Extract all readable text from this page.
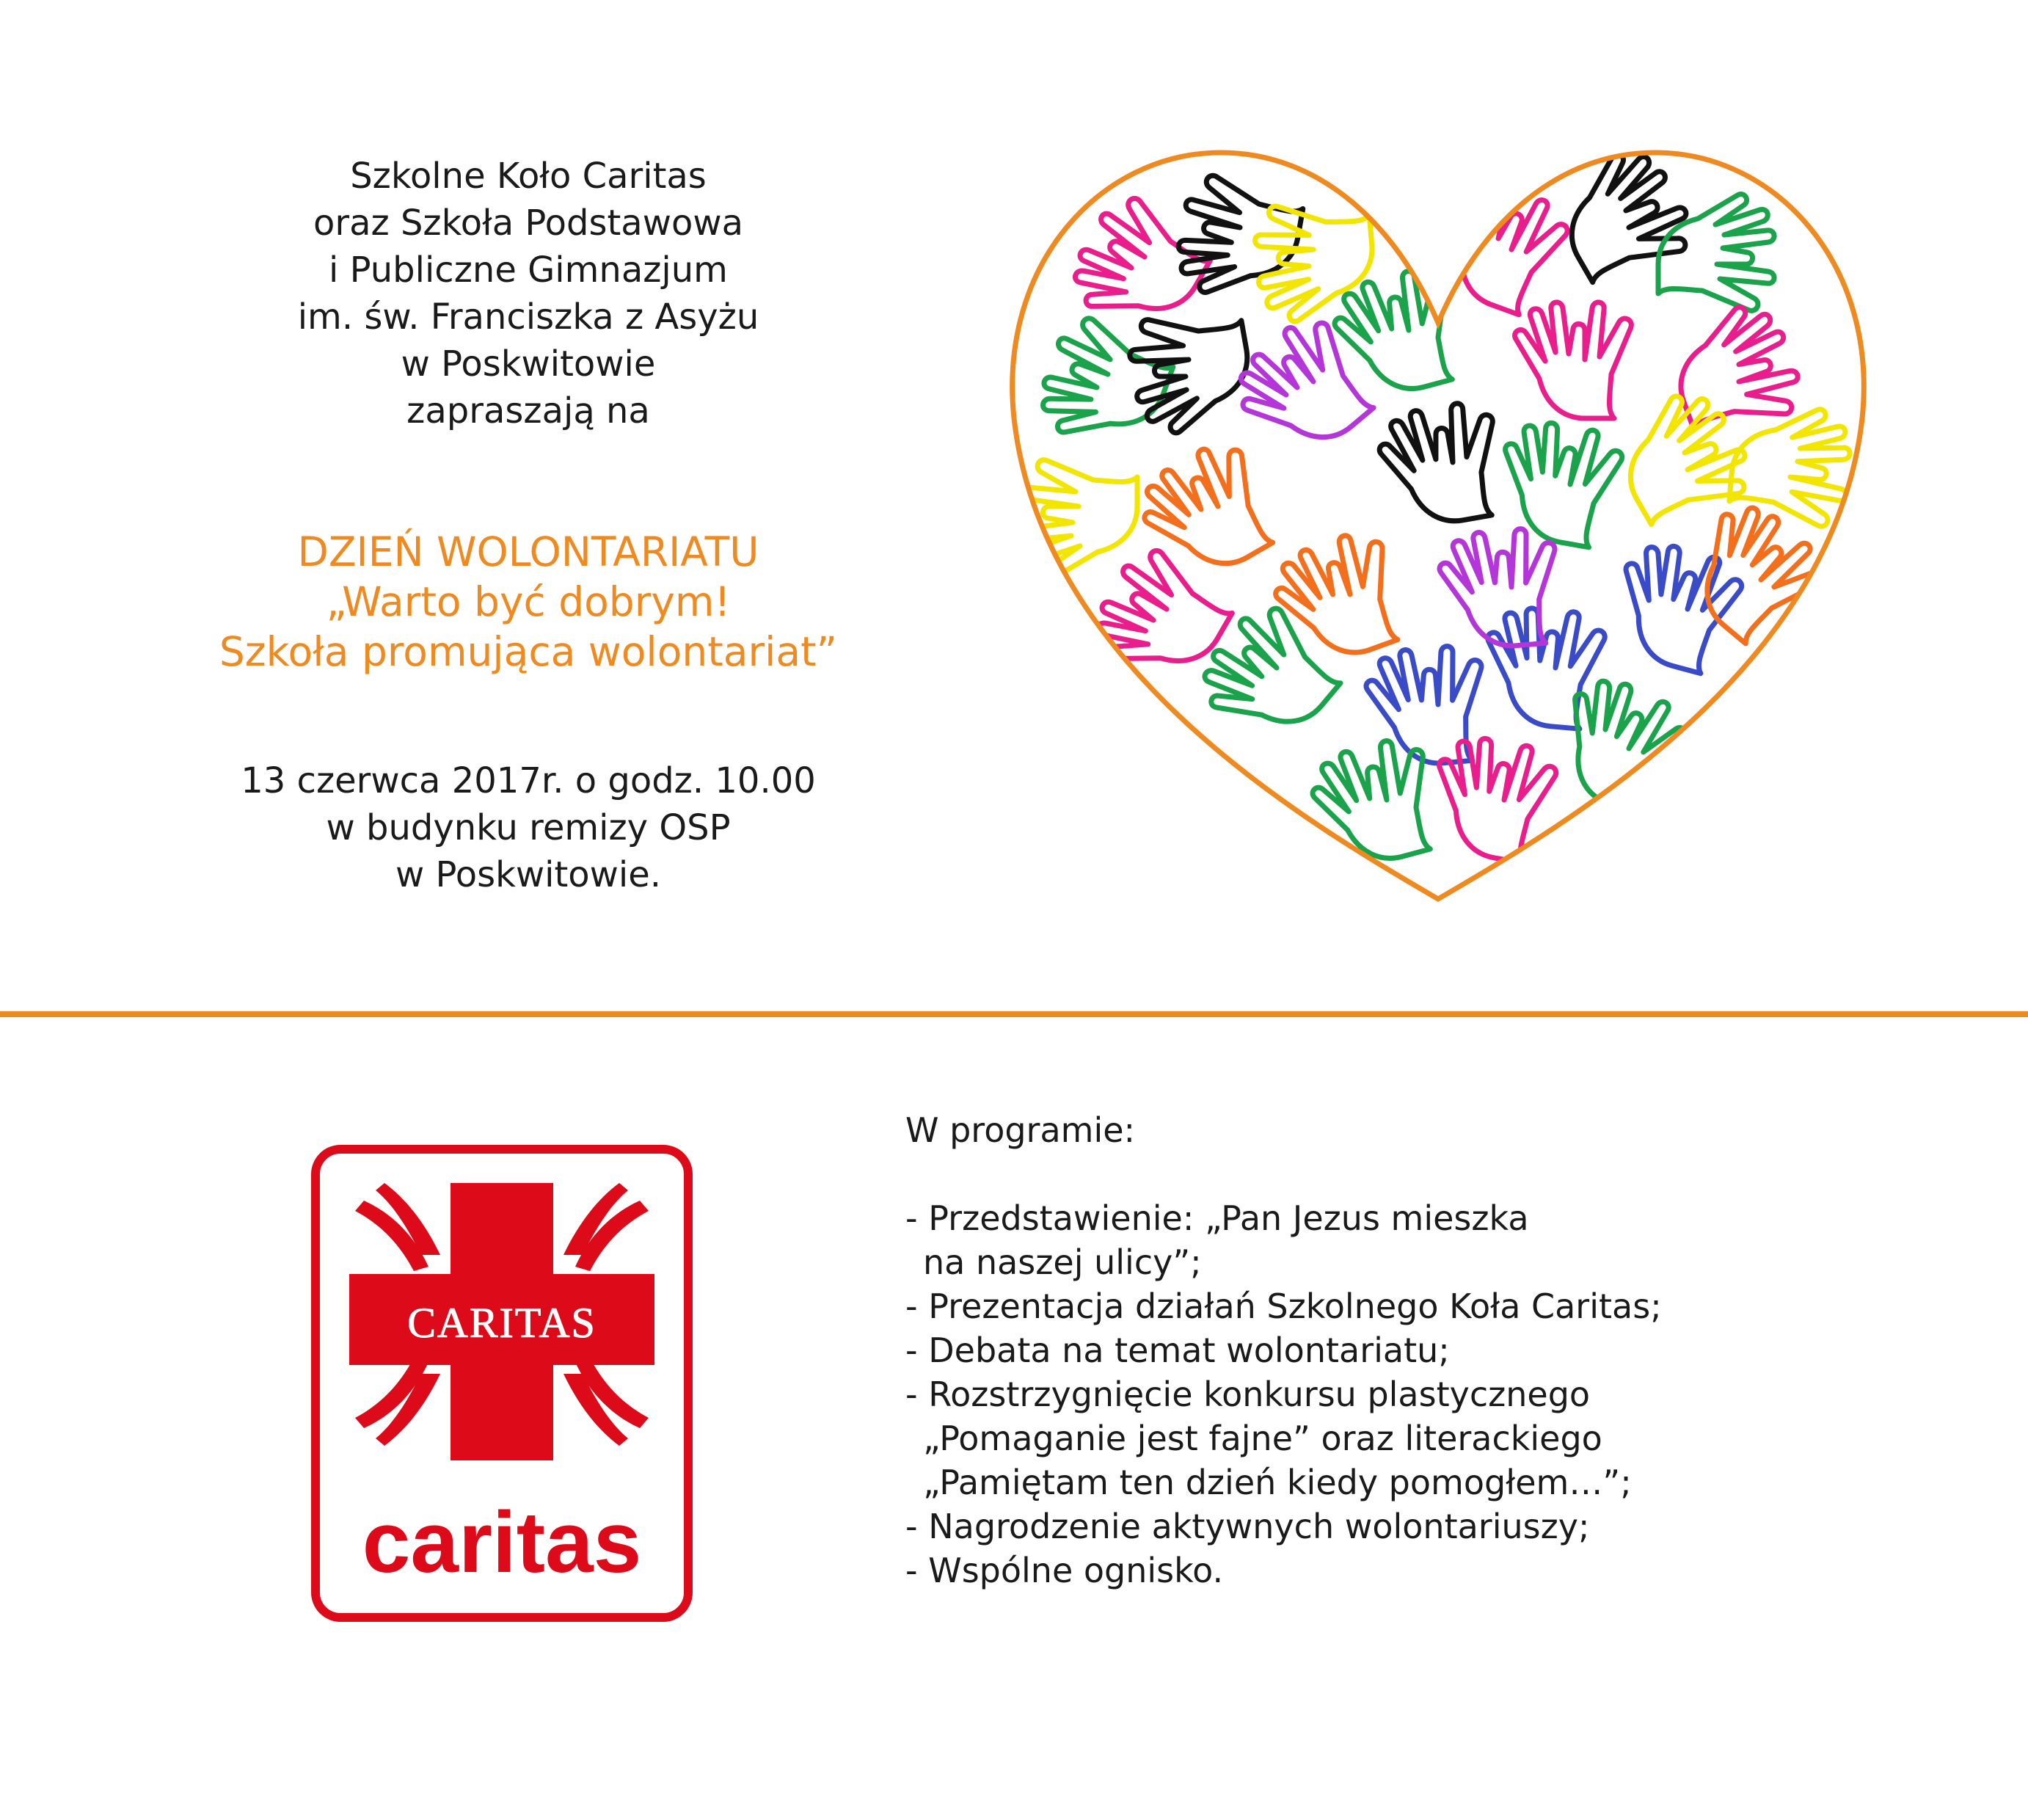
Szkolne Koło Caritas
oraz Szkoła Podstawowa
i Publiczne Gimnazjum
im. św. Franciszka z Asyżu
w Poskwitowie
zapraszają na
DZIEŃ WOLONTARIATU
„Warto być dobrym!
Szkoła promująca wolontariat”
13 czerwca 2017r. o godz. 10.00
w budynku remizy OSP
w Poskwitowie.
CARITAS
caritas
W programie:
- Przedstawienie: „Pan Jezus mieszka
na naszej ulicy”;
- Prezentacja działań Szkolnego Koła Caritas;
- Debata na temat wolontariatu;
- Rozstrzygnięcie konkursu plastycznego
„Pomaganie jest fajne” oraz literackiego
„Pamiętam ten dzień kiedy pomogłem…”;
- Nagrodzenie aktywnych wolontariuszy;
- Wspólne ognisko.
